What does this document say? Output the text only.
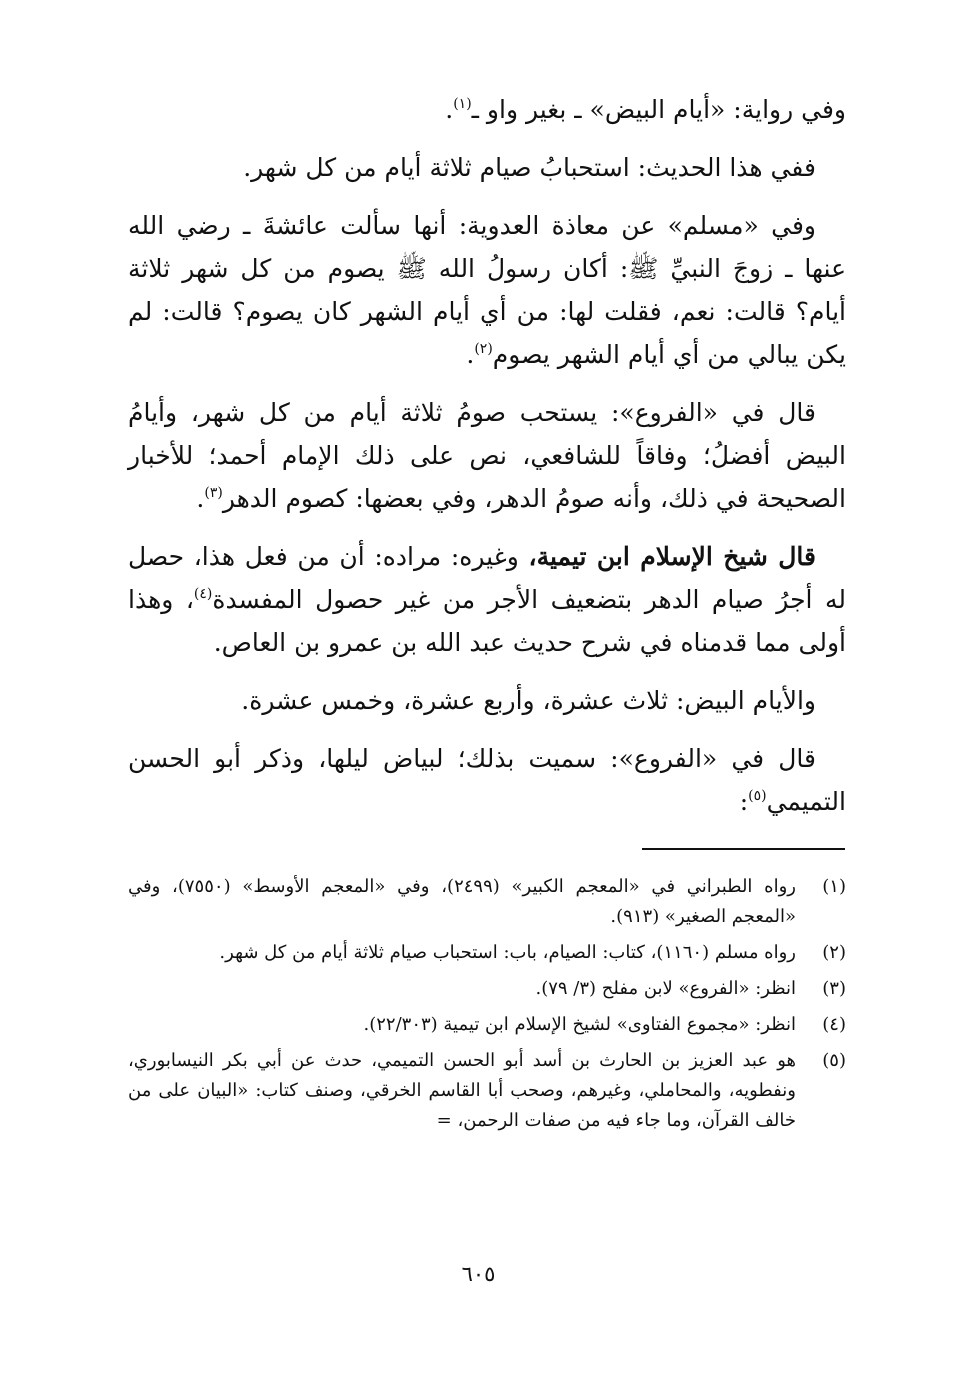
وفي رواية: «أيام البيض» ـ بغير واو ـ$^{(١)}$.

ففي هذا الحديث: استحبابُ صيام ثلاثة أيام من كل شهر.

وفي «مسلم» عن معاذة العدوية: أنها سألت عائشةَ ـ رضي الله عنها ـ زوجَ النبيِّ ﷺ: أكان رسولُ الله ﷺ يصوم من كل شهر ثلاثة أيام؟ قالت: نعم، فقلت لها: من أي أيام الشهر كان يصوم؟ قالت: لم يكن يبالي من أي أيام الشهر يصوم$^{(٢)}$.

قال في «الفروع»: يستحب صومُ ثلاثة أيام من كل شهر، وأيامُ البيض أفضلُ؛ وفاقاً للشافعي، نص على ذلك الإمام أحمد؛ للأخبار الصحيحة في ذلك، وأنه صومُ الدهر، وفي بعضها: كصوم الدهر$^{(٣)}$.

قال شيخ الإسلام ابن تيمية، وغيره: مراده: أن من فعل هذا، حصل له أجرُ صيام الدهر بتضعيف الأجر من غير حصول المفسدة$^{(٤)}$، وهذا أولى مما قدمناه في شرح حديث عبد الله بن عمرو بن العاص.

والأيام البيض: ثلاث عشرة، وأربع عشرة، وخمس عشرة.

قال في «الفروع»: سميت بذلك؛ لبياض ليلها، وذكر أبو الحسن التميمي$^{(٥)}$:

(١)
رواه الطبراني في «المعجم الكبير» (٢٤٩٩)، وفي «المعجم الأوسط» (٧٥٥٠)، وفي «المعجم الصغير» (٩١٣).
(٢)
رواه مسلم (١١٦٠)، كتاب: الصيام، باب: استحباب صيام ثلاثة أيام من كل شهر.
(٣)
انظر: «الفروع» لابن مفلح (٣/ ٧٩).
(٤)
انظر: «مجموع الفتاوى» لشيخ الإسلام ابن تيمية (٢٢/٣٠٣).
(٥)
هو عبد العزيز بن الحارث بن أسد أبو الحسن التميمي، حدث عن أبي بكر النيسابوري، ونفطويه، والمحاملي، وغيرهم، وصحب أبا القاسم الخرقي، وصنف كتاب: «البيان على من خالف القرآن، وما جاء فيه من صفات الرحمن، =
٦٠٥
